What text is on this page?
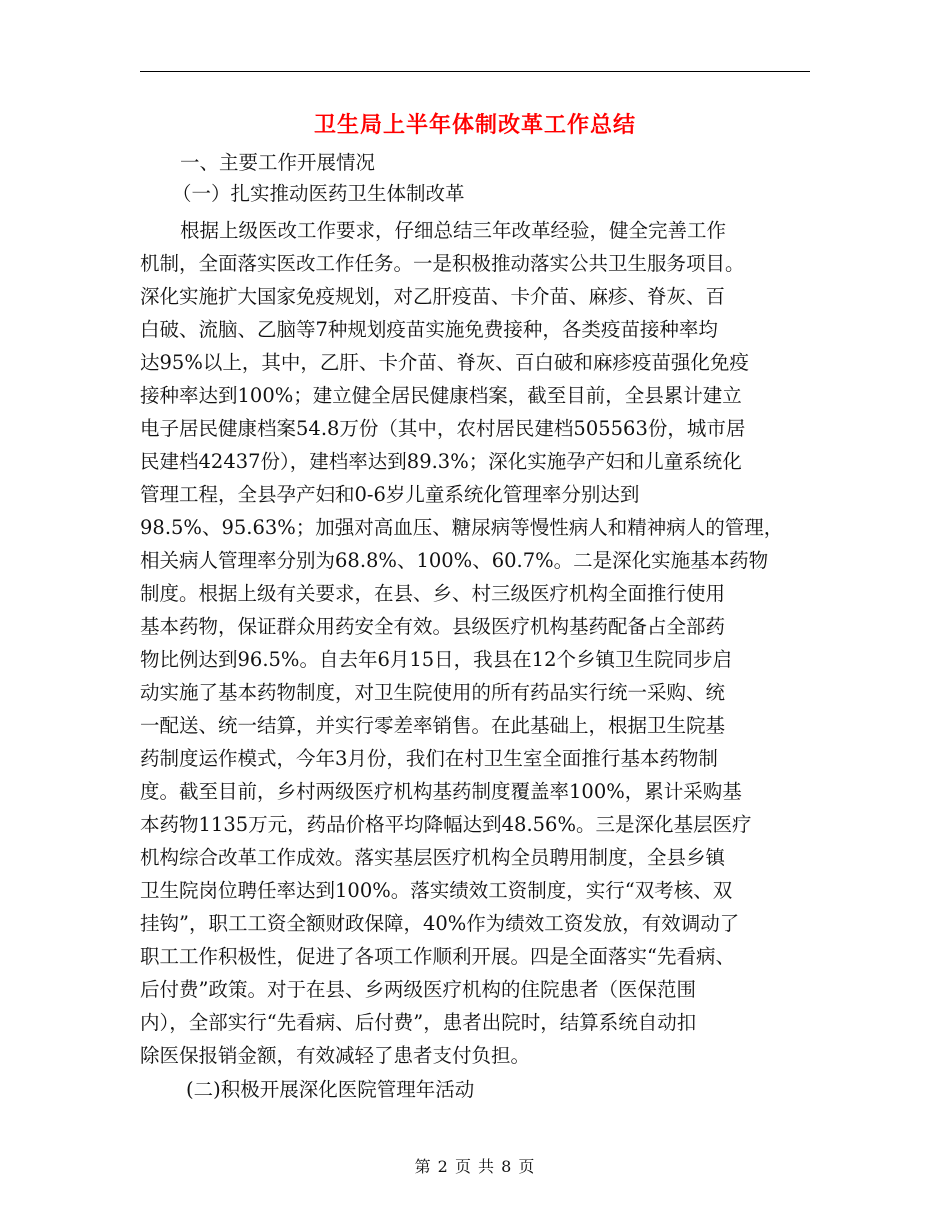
卫生局上半年体制改革工作总结
一、主要工作开展情况
（一）扎实推动医药卫生体制改革
根据上级医改工作要求，仔细总结三年改革经验，健全完善工作
机制，全面落实医改工作任务。一是积极推动落实公共卫生服务项目。
深化实施扩大国家免疫规划，对乙肝疫苗、卡介苗、麻疹、脊灰、百
白破、流脑、乙脑等7种规划疫苗实施免费接种，各类疫苗接种率均
达95%以上，其中，乙肝、卡介苗、脊灰、百白破和麻疹疫苗强化免疫
接种率达到100%；建立健全居民健康档案，截至目前，全县累计建立
电子居民健康档案54.8万份（其中，农村居民建档505563份，城市居
民建档42437份），建档率达到89.3%；深化实施孕产妇和儿童系统化
管理工程，全县孕产妇和0-6岁儿童系统化管理率分别达到
98.5%、95.63%；加强对高血压、糖尿病等慢性病人和精神病人的管理，
相关病人管理率分别为68.8%、100%、60.7%。二是深化实施基本药物
制度。根据上级有关要求，在县、乡、村三级医疗机构全面推行使用
基本药物，保证群众用药安全有效。县级医疗机构基药配备占全部药
物比例达到96.5%。自去年6月15日，我县在12个乡镇卫生院同步启
动实施了基本药物制度，对卫生院使用的所有药品实行统一采购、统
一配送、统一结算，并实行零差率销售。在此基础上，根据卫生院基
药制度运作模式，今年3月份，我们在村卫生室全面推行基本药物制
度。截至目前，乡村两级医疗机构基药制度覆盖率100%，累计采购基
本药物1135万元，药品价格平均降幅达到48.56%。三是深化基层医疗
机构综合改革工作成效。落实基层医疗机构全员聘用制度，全县乡镇
卫生院岗位聘任率达到100%。落实绩效工资制度，实行“双考核、双
挂钩”，职工工资全额财政保障，40%作为绩效工资发放，有效调动了
职工工作积极性，促进了各项工作顺利开展。四是全面落实“先看病、
后付费”政策。对于在县、乡两级医疗机构的住院患者（医保范围
内），全部实行“先看病、后付费”，患者出院时，结算系统自动扣
除医保报销金额，有效减轻了患者支付负担。
(二)积极开展深化医院管理年活动
第 2 页 共 8 页
